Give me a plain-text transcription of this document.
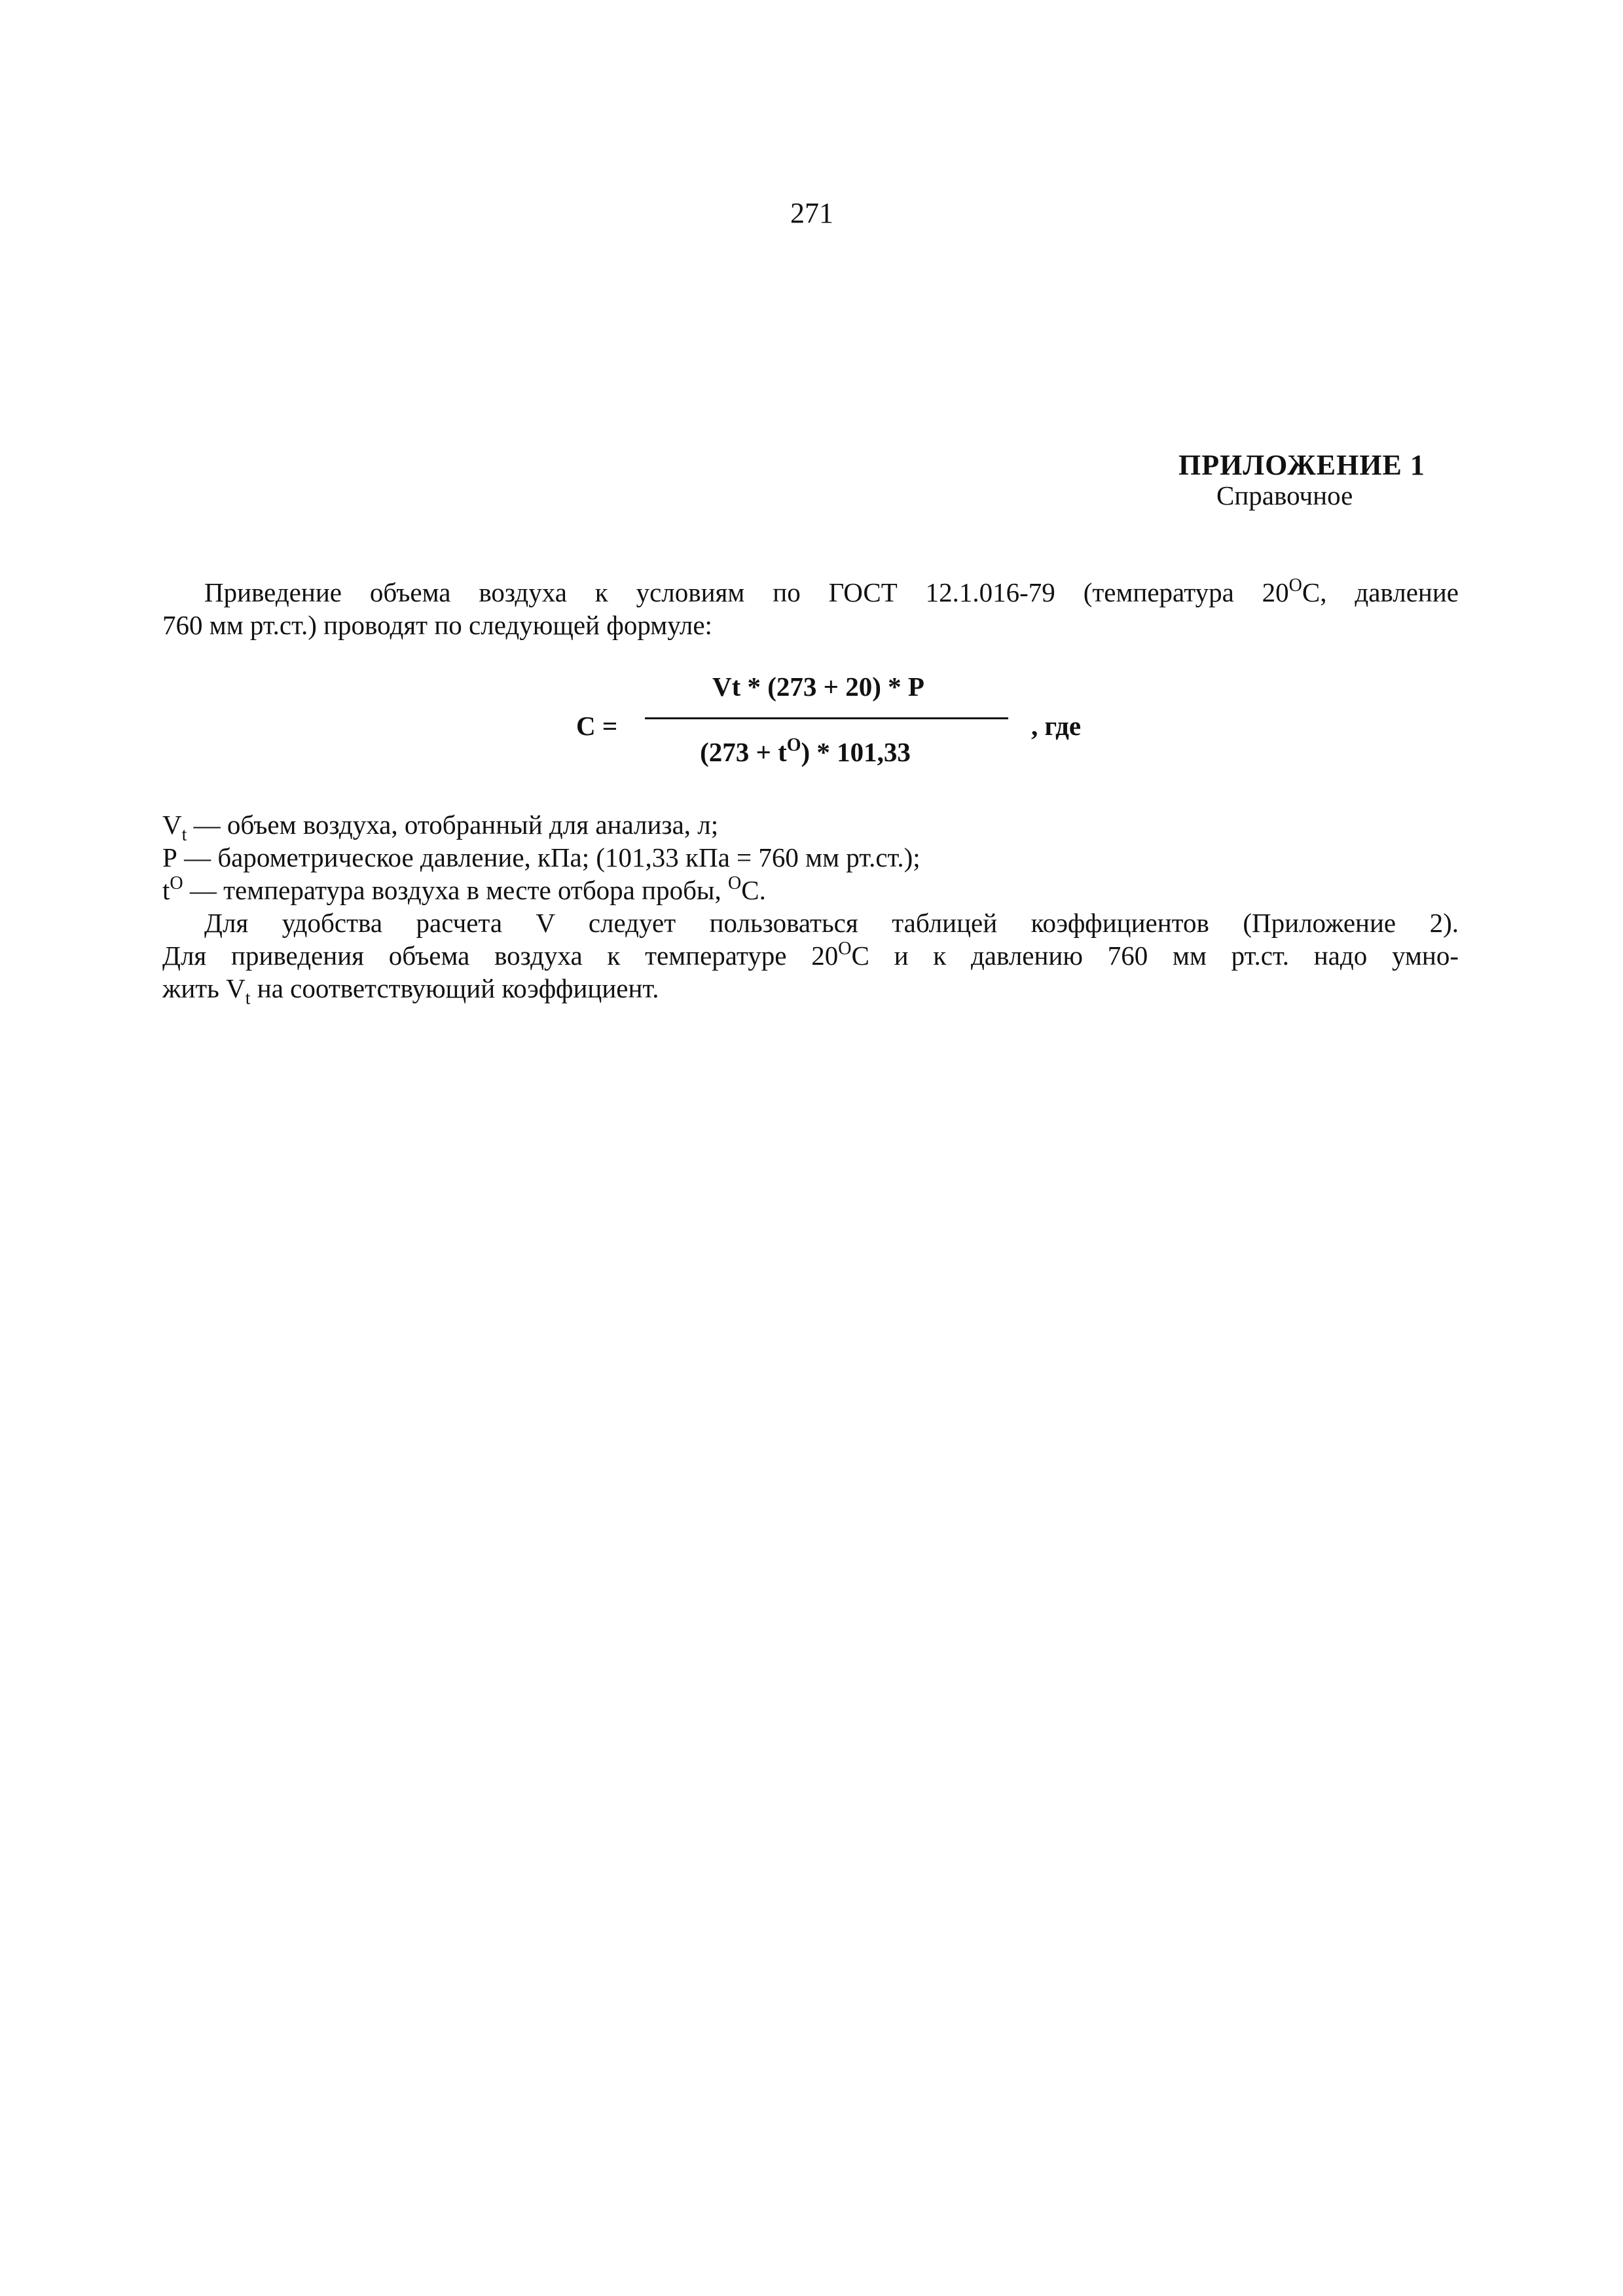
271
ПРИЛОЖЕНИЕ 1
Справочное
Приведение объема воздуха к условиям по ГОСТ 12.1.016-79 (температура $20^ОС$, давление
760 мм рт.ст.) проводят по следующей формуле:
С =
Vt * (273 + 20) * P
$(273 + t^О) * 101,33$
, где
$V_t$ — объем воздуха, отобранный для анализа, л;
Р — барометрическое давление, кПа; (101,33 кПа = 760 мм рт.ст.);
$t^О$ — температура воздуха в месте отбора пробы, $^О$С.
Для удобства расчета V следует пользоваться таблицей коэффициентов (Приложение 2).
Для приведения объема воздуха к температуре $20^ОС$ и к давлению 760 мм рт.ст. надо умно-
жить $V_t$ на соответствующий коэффициент.
